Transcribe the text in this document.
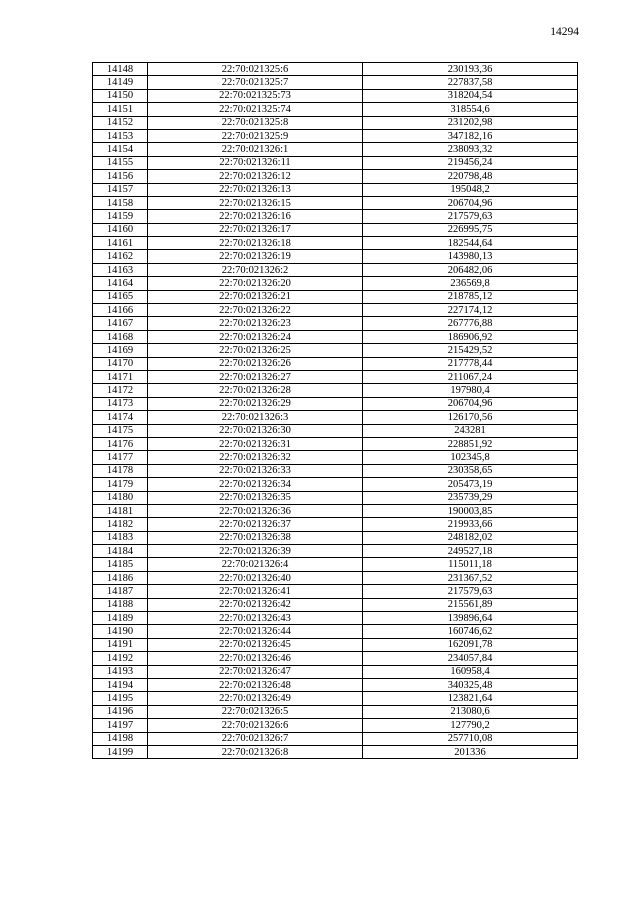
14294
14148	22:70:021325:6	230193,36
14149	22:70:021325:7	227837,58
14150	22:70:021325:73	318204,54
14151	22:70:021325:74	318554,6
14152	22:70:021325:8	231202,98
14153	22:70:021325:9	347182,16
14154	22:70:021326:1	238093,32
14155	22:70:021326:11	219456,24
14156	22:70:021326:12	220798,48
14157	22:70:021326:13	195048,2
14158	22:70:021326:15	206704,96
14159	22:70:021326:16	217579,63
14160	22:70:021326:17	226995,75
14161	22:70:021326:18	182544,64
14162	22:70:021326:19	143980,13
14163	22:70:021326:2	206482,06
14164	22:70:021326:20	236569,8
14165	22:70:021326:21	218785,12
14166	22:70:021326:22	227174,12
14167	22:70:021326:23	267776,88
14168	22:70:021326:24	186906,92
14169	22:70:021326:25	215429,52
14170	22:70:021326:26	217778,44
14171	22:70:021326:27	211067,24
14172	22:70:021326:28	197980,4
14173	22:70:021326:29	206704,96
14174	22:70:021326:3	126170,56
14175	22:70:021326:30	243281
14176	22:70:021326:31	228851,92
14177	22:70:021326:32	102345,8
14178	22:70:021326:33	230358,65
14179	22:70:021326:34	205473,19
14180	22:70:021326:35	235739,29
14181	22:70:021326:36	190003,85
14182	22:70:021326:37	219933,66
14183	22:70:021326:38	248182,02
14184	22:70:021326:39	249527,18
14185	22:70:021326:4	115011,18
14186	22:70:021326:40	231367,52
14187	22:70:021326:41	217579,63
14188	22:70:021326:42	215561,89
14189	22:70:021326:43	139896,64
14190	22:70:021326:44	160746,62
14191	22:70:021326:45	162091,78
14192	22:70:021326:46	234057,84
14193	22:70:021326:47	160958,4
14194	22:70:021326:48	340325,48
14195	22:70:021326:49	123821,64
14196	22:70:021326:5	213080,6
14197	22:70:021326:6	127790,2
14198	22:70:021326:7	257710,08
14199	22:70:021326:8	201336
